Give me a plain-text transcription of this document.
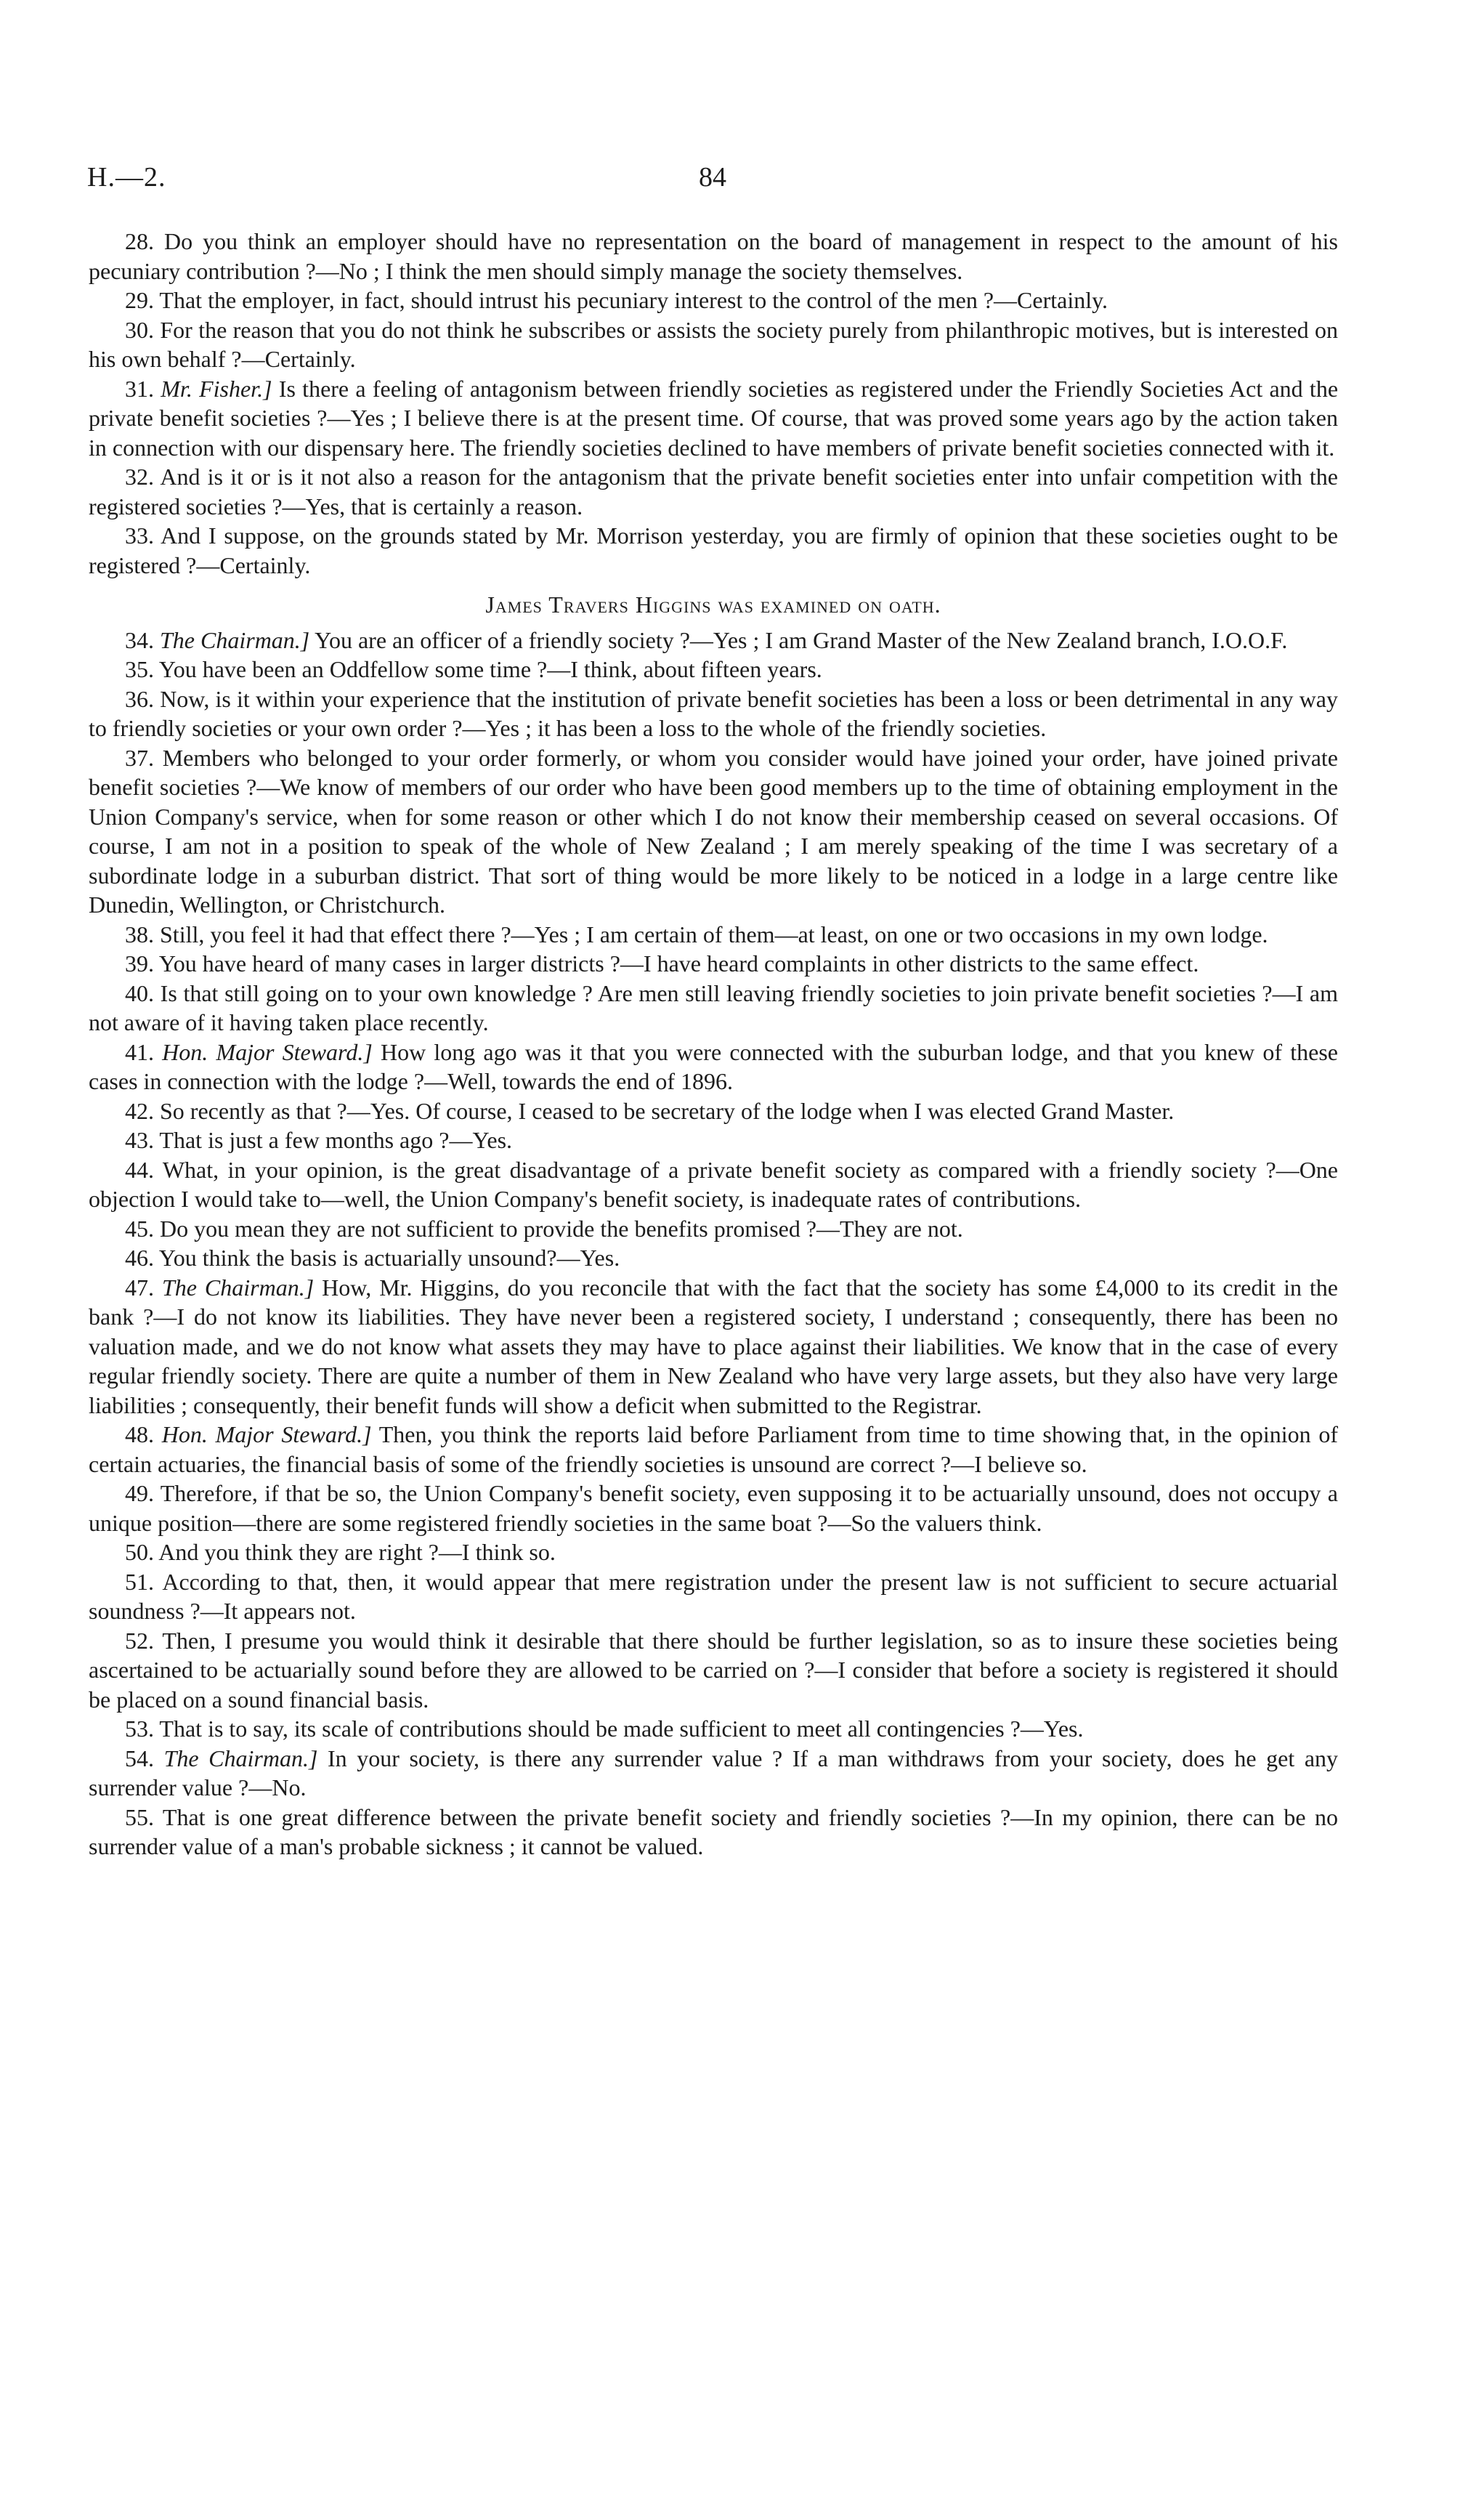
H.—2.	84

28. Do you think an employer should have no representation on the board of management in respect to the amount of his pecuniary contribution ?—No ; I think the men should simply manage the society themselves.

29. That the employer, in fact, should intrust his pecuniary interest to the control of the men ?—Certainly.

30. For the reason that you do not think he subscribes or assists the society purely from philanthropic motives, but is interested on his own behalf ?—Certainly.

31. Mr. Fisher.] Is there a feeling of antagonism between friendly societies as registered under the Friendly Societies Act and the private benefit societies ?—Yes ; I believe there is at the present time. Of course, that was proved some years ago by the action taken in connection with our dispensary here. The friendly societies declined to have members of private benefit societies connected with it.

32. And is it or is it not also a reason for the antagonism that the private benefit societies enter into unfair competition with the registered societies ?—Yes, that is certainly a reason.

33. And I suppose, on the grounds stated by Mr. Morrison yesterday, you are firmly of opinion that these societies ought to be registered ?—Certainly.

James Travers Higgins was examined on oath.

34. The Chairman.] You are an officer of a friendly society ?—Yes ; I am Grand Master of the New Zealand branch, I.O.O.F.

35. You have been an Oddfellow some time ?—I think, about fifteen years.

36. Now, is it within your experience that the institution of private benefit societies has been a loss or been detrimental in any way to friendly societies or your own order ?—Yes ; it has been a loss to the whole of the friendly societies.

37. Members who belonged to your order formerly, or whom you consider would have joined your order, have joined private benefit societies ?—We know of members of our order who have been good members up to the time of obtaining employment in the Union Company's service, when for some reason or other which I do not know their membership ceased on several occasions. Of course, I am not in a position to speak of the whole of New Zealand ; I am merely speaking of the time I was secretary of a subordinate lodge in a suburban district. That sort of thing would be more likely to be noticed in a lodge in a large centre like Dunedin, Wellington, or Christchurch.

38. Still, you feel it had that effect there ?—Yes ; I am certain of them—at least, on one or two occasions in my own lodge.

39. You have heard of many cases in larger districts ?—I have heard complaints in other districts to the same effect.

40. Is that still going on to your own knowledge ? Are men still leaving friendly societies to join private benefit societies ?—I am not aware of it having taken place recently.

41. Hon. Major Steward.] How long ago was it that you were connected with the suburban lodge, and that you knew of these cases in connection with the lodge ?—Well, towards the end of 1896.

42. So recently as that ?—Yes. Of course, I ceased to be secretary of the lodge when I was elected Grand Master.

43. That is just a few months ago ?—Yes.

44. What, in your opinion, is the great disadvantage of a private benefit society as compared with a friendly society ?—One objection I would take to—well, the Union Company's benefit society, is inadequate rates of contributions.

45. Do you mean they are not sufficient to provide the benefits promised ?—They are not.

46. You think the basis is actuarially unsound?—Yes.

47. The Chairman.] How, Mr. Higgins, do you reconcile that with the fact that the society has some £4,000 to its credit in the bank ?—I do not know its liabilities. They have never been a registered society, I understand ; consequently, there has been no valuation made, and we do not know what assets they may have to place against their liabilities. We know that in the case of every regular friendly society. There are quite a number of them in New Zealand who have very large assets, but they also have very large liabilities ; consequently, their benefit funds will show a deficit when submitted to the Registrar.

48. Hon. Major Steward.] Then, you think the reports laid before Parliament from time to time showing that, in the opinion of certain actuaries, the financial basis of some of the friendly societies is unsound are correct ?—I believe so.

49. Therefore, if that be so, the Union Company's benefit society, even supposing it to be actuarially unsound, does not occupy a unique position—there are some registered friendly societies in the same boat ?—So the valuers think.

50. And you think they are right ?—I think so.

51. According to that, then, it would appear that mere registration under the present law is not sufficient to secure actuarial soundness ?—It appears not.

52. Then, I presume you would think it desirable that there should be further legislation, so as to insure these societies being ascertained to be actuarially sound before they are allowed to be carried on ?—I consider that before a society is registered it should be placed on a sound financial basis.

53. That is to say, its scale of contributions should be made sufficient to meet all contingencies ?—Yes.

54. The Chairman.] In your society, is there any surrender value ? If a man withdraws from your society, does he get any surrender value ?—No.

55. That is one great difference between the private benefit society and friendly societies ?—In my opinion, there can be no surrender value of a man's probable sickness ; it cannot be valued.
